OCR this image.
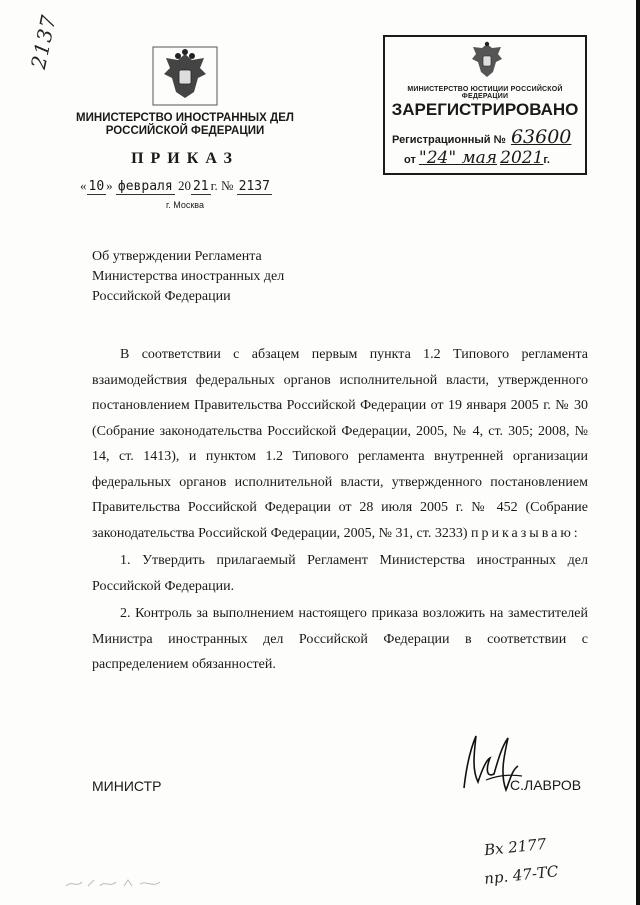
2137
МИНИСТЕРСТВО ИНОСТРАННЫХ ДЕЛ
РОССИЙСКОЙ ФЕДЕРАЦИИ
ПРИКАЗ
« 10 » февраля 20 21 г. № 2137
г. Москва
МИНИСТЕРСТВО ЮСТИЦИИ РОССИЙСКОЙ ФЕДЕРАЦИИ
ЗАРЕГИСТРИРОВАНО
Регистрационный № 63600
от "24" мая 2021г.
Об утверждении Регламента
Министерства иностранных дел
Российской Федерации

В соответствии с абзацем первым пункта 1.2 Типового регламента взаимодействия федеральных органов исполнительной власти, утвержденного постановлением Правительства Российской Федерации от 19 января 2005 г. № 30 (Собрание законодательства Российской Федерации, 2005, № 4, ст. 305; 2008, № 14, ст. 1413), и пунктом 1.2 Типового регламента внутренней организации федеральных органов исполнительной власти, утвержденного постановлением Правительства Российской Федерации от 28 июля 2005 г. № 452 (Собрание законодательства Российской Федерации, 2005, № 31, ст. 3233) приказываю:

1. Утвердить прилагаемый Регламент Министерства иностранных дел Российской Федерации.

2. Контроль за выполнением настоящего приказа возложить на заместителей Министра иностранных дел Российской Федерации в соответствии с распределением обязанностей.

МИНИСТР	С.ЛАВРОВ
Вх 2177
пр. 47-ТС
